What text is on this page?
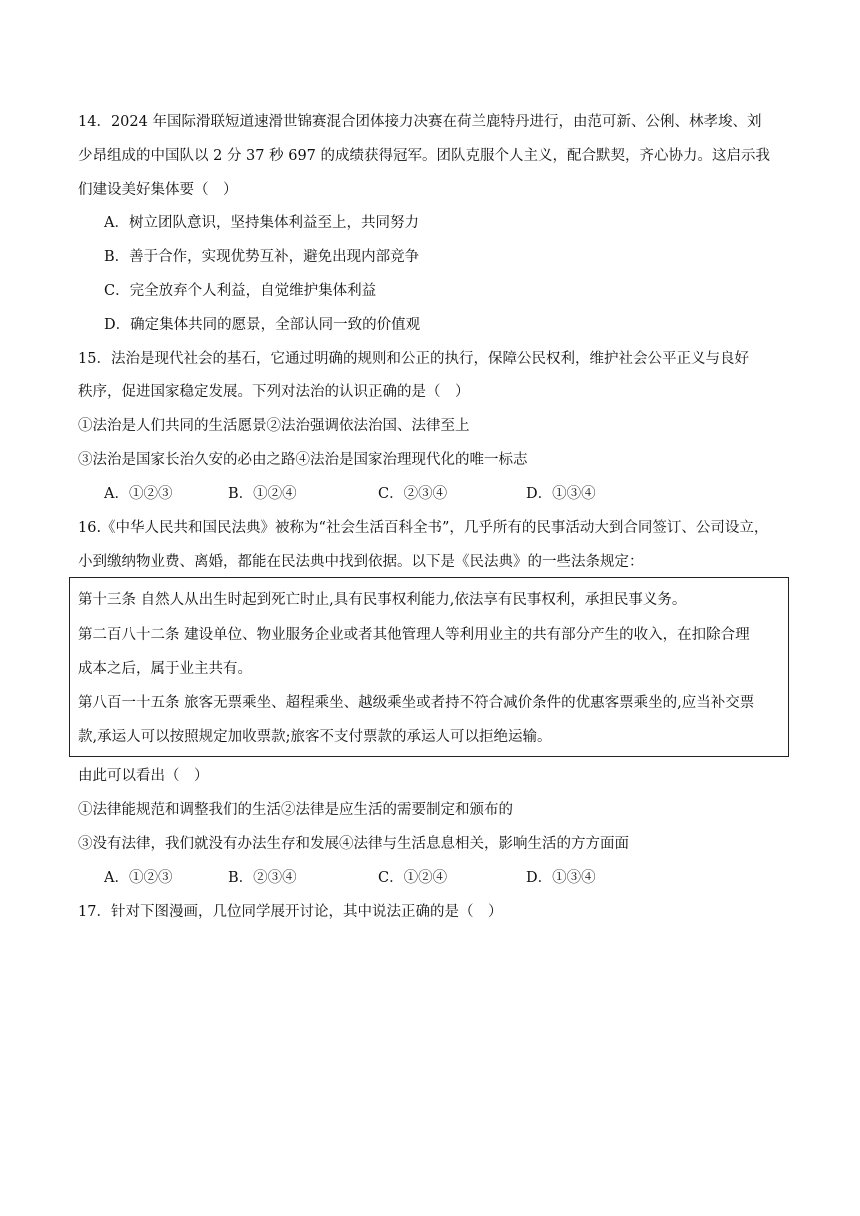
14．2024 年国际滑联短道速滑世锦赛混合团体接力决赛在荷兰鹿特丹进行，由范可新、公俐、林孝埈、刘
少昂组成的中国队以 2 分 37 秒 697 的成绩获得冠军。团队克服个人主义，配合默契，齐心协力。这启示我
们建设美好集体要（　）
A．树立团队意识，坚持集体利益至上，共同努力
B．善于合作，实现优势互补，避免出现内部竞争
C．完全放弃个人利益，自觉维护集体利益
D．确定集体共同的愿景，全部认同一致的价值观
15．法治是现代社会的基石，它通过明确的规则和公正的执行，保障公民权利，维护社会公平正义与良好
秩序，促进国家稳定发展。下列对法治的认识正确的是（　）
①法治是人们共同的生活愿景②法治强调依法治国、法律至上
③法治是国家长治久安的必由之路④法治是国家治理现代化的唯一标志
A．①②③	B．①②④	C．②③④	D．①③④
16.《中华人民共和国民法典》被称为“社会生活百科全书”，几乎所有的民事活动大到合同签订、公司设立，
小到缴纳物业费、离婚，都能在民法典中找到依据。以下是《民法典》的一些法条规定：
第十三条 自然人从出生时起到死亡时止,具有民事权利能力,依法享有民事权利，承担民事义务。
第二百八十二条 建设单位、物业服务企业或者其他管理人等利用业主的共有部分产生的收入，在扣除合理
成本之后，属于业主共有。
第八百一十五条 旅客无票乘坐、超程乘坐、越级乘坐或者持不符合减价条件的优惠客票乘坐的,应当补交票
款,承运人可以按照规定加收票款;旅客不支付票款的承运人可以拒绝运输。
由此可以看出（　）
①法律能规范和调整我们的生活②法律是应生活的需要制定和颁布的
③没有法律，我们就没有办法生存和发展④法律与生活息息相关，影响生活的方方面面
A．①②③	B．②③④	C．①②④	D．①③④
17．针对下图漫画，几位同学展开讨论，其中说法正确的是（　）
